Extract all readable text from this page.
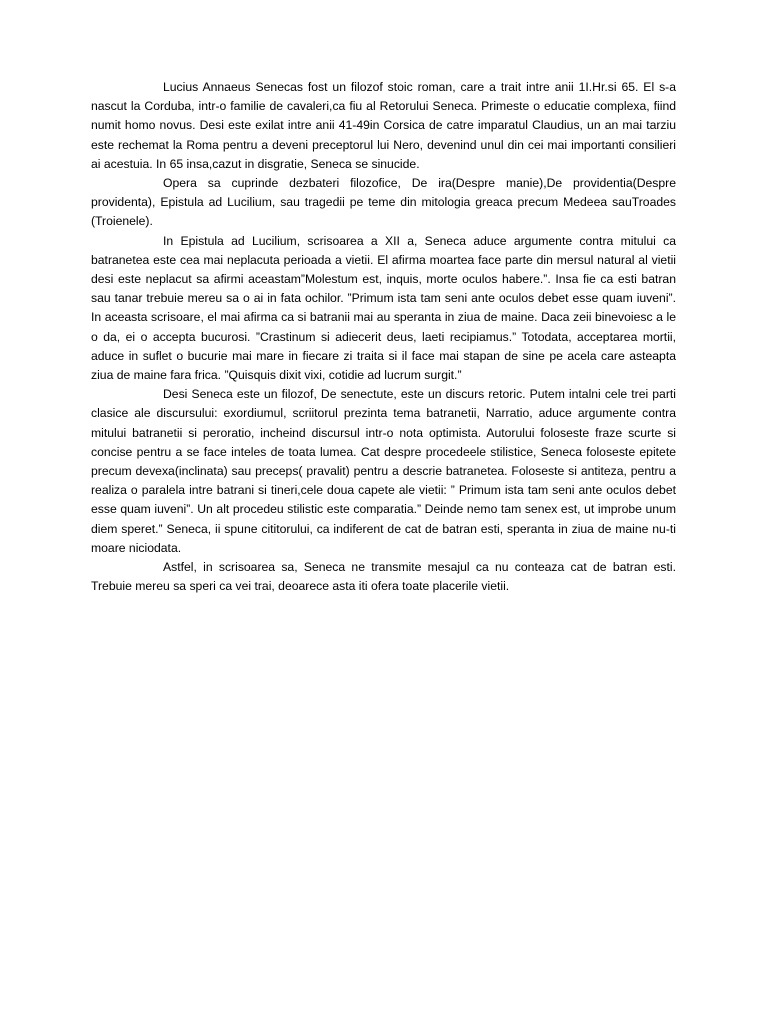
Lucius Annaeus Senecas fost un filozof stoic roman, care a trait intre anii 1I.Hr.si 65. El s-a nascut la Corduba, intr-o familie de cavaleri,ca fiu al Retorului Seneca. Primeste o educatie complexa, fiind numit homo novus. Desi este exilat intre anii 41-49in Corsica de catre imparatul Claudius, un an mai tarziu este rechemat la Roma pentru a deveni preceptorul lui Nero, devenind unul din cei mai importanti consilieri ai acestuia. In 65 insa,cazut in disgratie, Seneca se sinucide.

Opera sa cuprinde dezbateri filozofice, De ira(Despre manie),De providentia(Despre providenta), Epistula ad Lucilium, sau tragedii pe teme din mitologia greaca precum Medeea sauTroades (Troienele).

In Epistula ad Lucilium, scrisoarea a XII a, Seneca aduce argumente contra mitului ca batranetea este cea mai neplacuta perioada a vietii. El afirma moartea face parte din mersul natural al vietii desi este neplacut sa afirmi aceastam”Molestum est, inquis, morte oculos habere.”. Insa fie ca esti batran sau tanar trebuie mereu sa o ai in fata ochilor. ”Primum ista tam seni ante oculos debet esse quam iuveni”. In aceasta scrisoare, el mai afirma ca si batranii mai au speranta in ziua de maine. Daca zeii binevoiesc a le o da, ei o accepta bucurosi. ”Crastinum si adiecerit deus, laeti recipiamus.” Totodata, acceptarea mortii, aduce in suflet o bucurie mai mare in fiecare zi traita si il face mai stapan de sine pe acela care asteapta ziua de maine fara frica. ”Quisquis dixit vixi, cotidie ad lucrum surgit.”

Desi Seneca este un filozof, De senectute, este un discurs retoric. Putem intalni cele trei parti clasice ale discursului: exordiumul, scriitorul prezinta tema batranetii, Narratio, aduce argumente contra mitului batranetii si peroratio, incheind discursul intr-o nota optimista. Autorului foloseste fraze scurte si concise pentru a se face inteles de toata lumea. Cat despre procedeele stilistice, Seneca foloseste epitete precum devexa(inclinata) sau preceps( pravalit) pentru a descrie batranetea. Foloseste si antiteza, pentru a realiza o paralela intre batrani si tineri,cele doua capete ale vietii: ” Primum ista tam seni ante oculos debet esse quam iuveni”. Un alt procedeu stilistic este comparatia.” Deinde nemo tam senex est, ut improbe unum diem speret.” Seneca, ii spune cititorului, ca indiferent de cat de batran esti, speranta in ziua de maine nu-ti moare niciodata.

Astfel, in scrisoarea sa, Seneca ne transmite mesajul ca nu conteaza cat de batran esti. Trebuie mereu sa speri ca vei trai, deoarece asta iti ofera toate placerile vietii.
